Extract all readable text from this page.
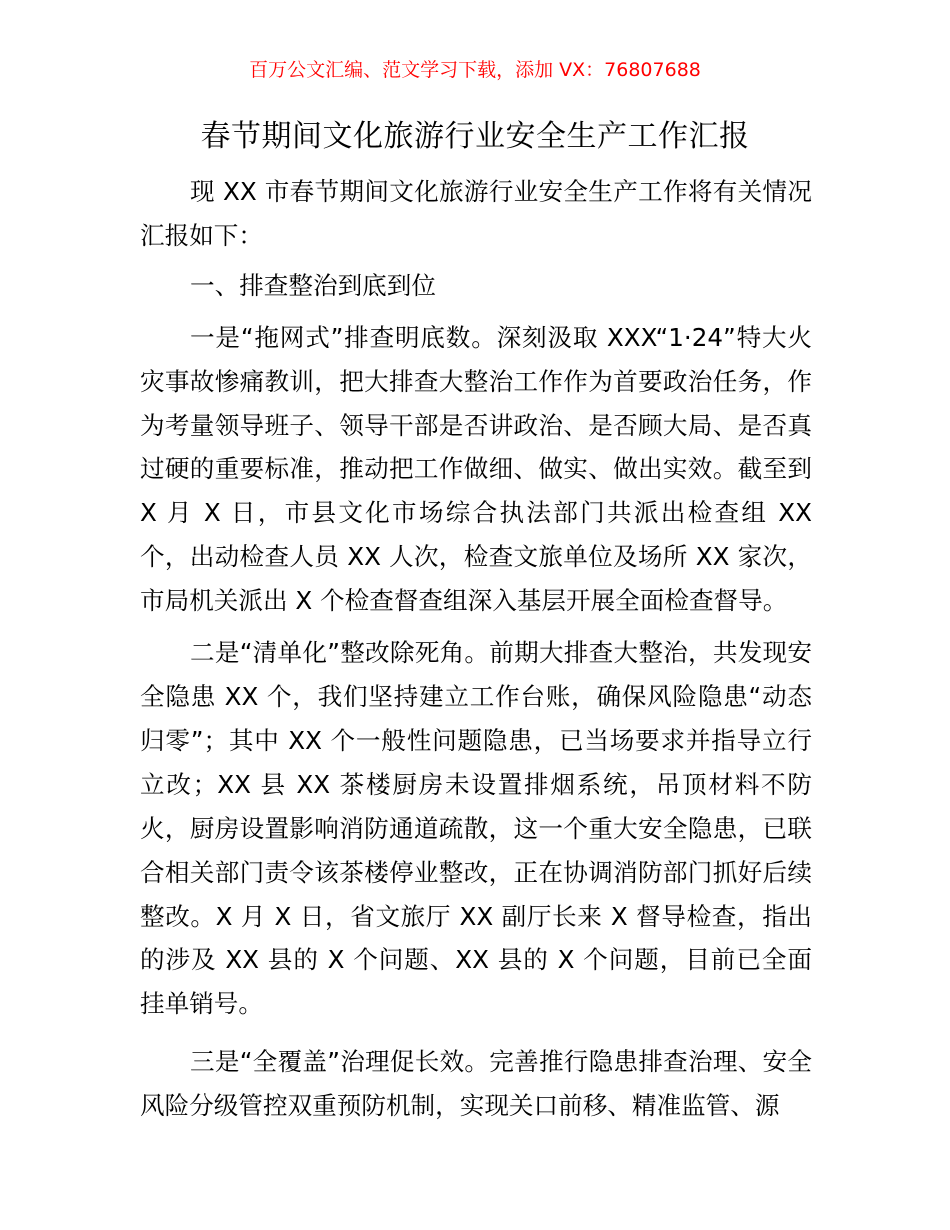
百万公文汇编、范文学习下载，添加 VX：76807688

春节期间文化旅游行业安全生产工作汇报

现 XX 市春节期间文化旅游行业安全生产工作将有关情况汇报如下：

一、排查整治到底到位

一是“拖网式”排查明底数。深刻汲取 XXX“1·24”特大火灾事故惨痛教训，把大排查大整治工作作为首要政治任务，作为考量领导班子、领导干部是否讲政治、是否顾大局、是否真过硬的重要标准，推动把工作做细、做实、做出实效。截至到 X 月 X 日，市县文化市场综合执法部门共派出检查组 XX 个，出动检查人员 XX 人次，检查文旅单位及场所 XX 家次，市局机关派出 X 个检查督查组深入基层开展全面检查督导。

二是“清单化”整改除死角。前期大排查大整治，共发现安全隐患 XX 个，我们坚持建立工作台账，确保风险隐患“动态归零”；其中 XX 个一般性问题隐患，已当场要求并指导立行立改；XX 县 XX 茶楼厨房未设置排烟系统，吊顶材料不防火，厨房设置影响消防通道疏散，这一个重大安全隐患，已联合相关部门责令该茶楼停业整改，正在协调消防部门抓好后续整改。X 月 X 日，省文旅厅 XX 副厅长来 X 督导检查，指出的涉及 XX 县的 X 个问题、XX 县的 X 个问题，目前已全面挂单销号。

三是“全覆盖”治理促长效。完善推行隐患排查治理、安全风险分级管控双重预防机制，实现关口前移、精准监管、源
